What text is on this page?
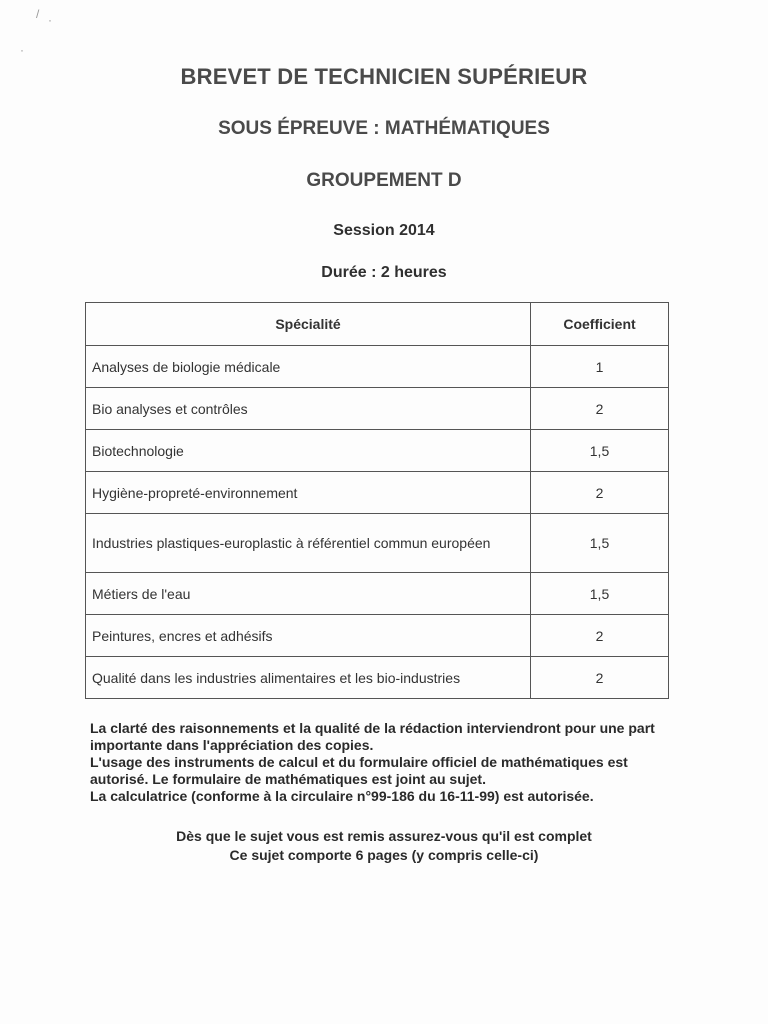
/ ·
·
BREVET DE TECHNICIEN SUPÉRIEUR
SOUS ÉPREUVE : MATHÉMATIQUES
GROUPEMENT D
Session 2014
Durée : 2 heures
Spécialité	Coefficient
Analyses de biologie médicale	1
Bio analyses et contrôles	2
Biotechnologie	1,5
Hygiène-propreté-environnement	2
Industries plastiques-europlastic à référentiel commun européen	1,5
Métiers de l'eau	1,5
Peintures, encres et adhésifs	2
Qualité dans les industries alimentaires et les bio-industries	2

La clarté des raisonnements et la qualité de la rédaction interviendront pour une part importante dans l'appréciation des copies.

L'usage des instruments de calcul et du formulaire officiel de mathématiques est autorisé. Le formulaire de mathématiques est joint au sujet.

La calculatrice (conforme à la circulaire n°99-186 du 16-11-99) est autorisée.

Dès que le sujet vous est remis assurez-vous qu'il est complet

Ce sujet comporte 6 pages (y compris celle-ci)
